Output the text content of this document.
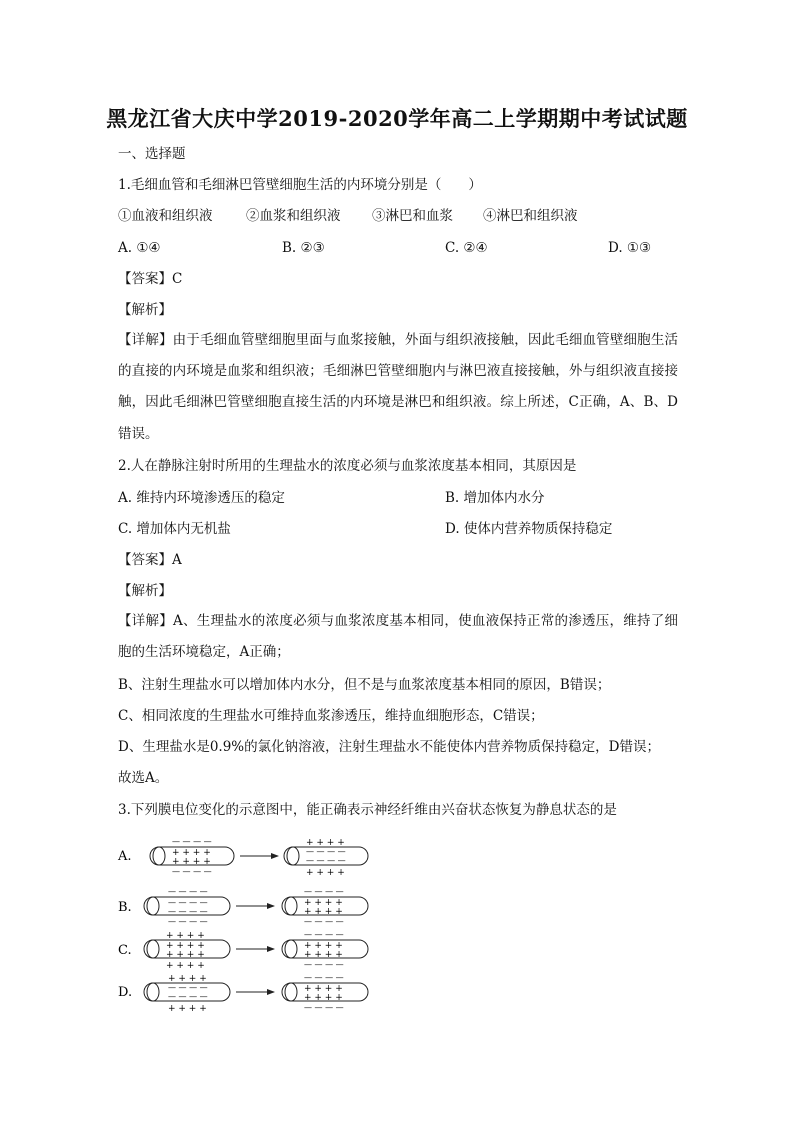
黑龙江省大庆中学2019-2020学年高二上学期期中考试试题
一、选择题
1.毛细血管和毛细淋巴管壁细胞生活的内环境分别是（　　）
①血液和组织液 ②血浆和组织液 ③淋巴和血浆 ④淋巴和组织液
A. ①④	B. ②③	C. ②④	D. ①③
【答案】C
【解析】
【详解】由于毛细血管壁细胞里面与血浆接触，外面与组织液接触，因此毛细血管壁细胞生活的直接的内环境是血浆和组织液；毛细淋巴管壁细胞内与淋巴液直接接触，外与组织液直接接触，因此毛细淋巴管壁细胞直接生活的内环境是淋巴和组织液。综上所述，C正确，A、B、D错误。
2.人在静脉注射时所用的生理盐水的浓度必须与血浆浓度基本相同，其原因是
A. 维持内环境渗透压的稳定	B. 增加体内水分
C. 增加体内无机盐	D. 使体内营养物质保持稳定
【答案】A
【解析】
【详解】A、生理盐水的浓度必须与血浆浓度基本相同，使血液保持正常的渗透压，维持了细胞的生活环境稳定，A正确；
B、注射生理盐水可以增加体内水分，但不是与血浆浓度基本相同的原因，B错误；
C、相同浓度的生理盐水可维持血浆渗透压，维持血细胞形态，C错误；
D、生理盐水是0.9%的氯化钠溶液，注射生理盐水不能使体内营养物质保持稳定，D错误；
故选A。
3.下列膜电位变化的示意图中，能正确表示神经纤维由兴奋状态恢复为静息状态的是
A.
— — — —
+ + + +
+ + + +
— — — —
+ + + +
— — — —
— — — —
+ + + +
B.
— — — —
— — — —
— — — —
— — — —
— — — —
+ + + +
+ + + +
— — — —
C.
+ + + +
+ + + +
+ + + +
+ + + +
— — — —
+ + + +
+ + + +
— — — —
D.
+ + + +
— — — —
— — — —
+ + + +
— — — —
+ + + +
+ + + +
— — — —
